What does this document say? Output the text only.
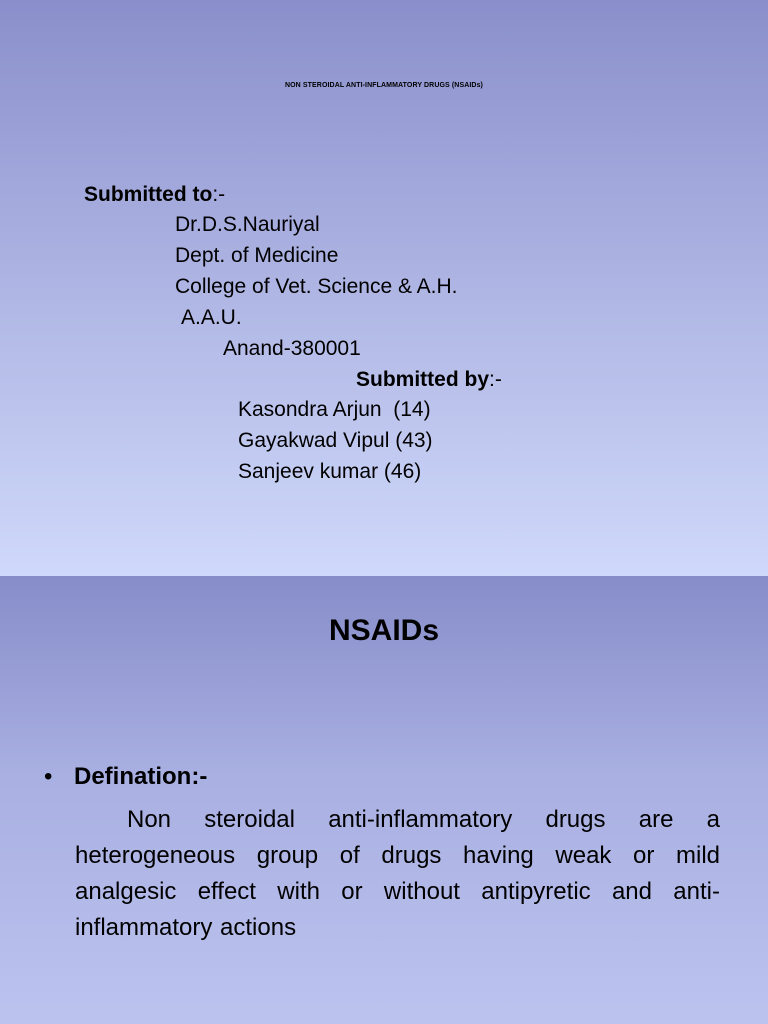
NON STEROIDAL ANTI-INFLAMMATORY DRUGS (NSAIDs)
Submitted to:-
Dr.D.S.Nauriyal
Dept. of Medicine
College of Vet. Science & A.H.
A.A.U.
Anand-380001
Submitted by:-
Kasondra Arjun  (14)
Gayakwad Vipul (43)
Sanjeev kumar (46)
NSAIDs
• Defination:-
Non steroidal anti-inflammatory drugs are a heterogeneous group of drugs having weak or mild analgesic effect with or without antipyretic and anti-inflammatory actions
